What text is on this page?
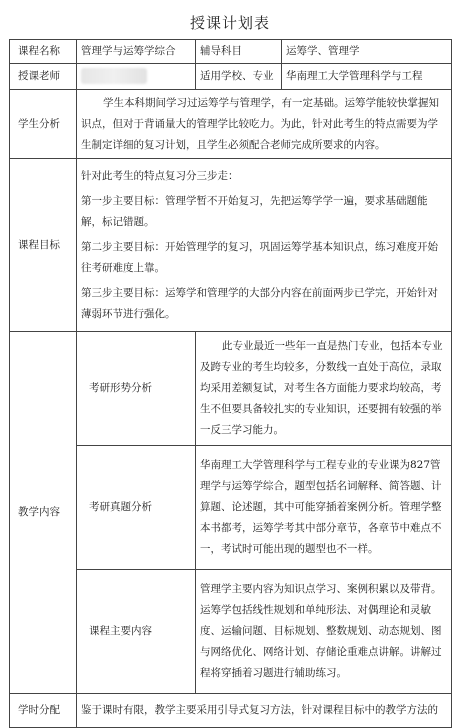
授课计划表
课程名称	管理学与运筹学综合	辅导科目	运筹学、管理学
授课老师		适用学校、专业	华南理工大学管理科学与工程
学生分析	学生本科期间学习过运筹学与管理学，有一定基础。运筹学能较快掌握知识点，但对于背诵量大的管理学比较吃力。为此，针对此考生的特点需要为学生制定详细的复习计划，且学生必须配合老师完成所要求的内容。		

课程目标	针对此考生的特点复习分三步走：
第一步主要目标：管理学暂不开始复习，先把运筹学学一遍，要求基础题能解，标记错题。
第二步主要目标：开始管理学的复习，巩固运筹学基本知识点，练习难度开始往考研难度上靠。
第三步主要目标：运筹学和管理学的大部分内容在前面两步已学完，开始针对薄弱环节进行强化。		

教学内容	考研形势分析	此专业最近一些年一直是热门专业，包括本专业及跨专业的考生均较多，分数线一直处于高位，录取均采用差额复试，对考生各方面能力要求均较高，考生不但要具备较扎实的专业知识，还要拥有较强的举一反三学习能力。	

	考研真题分析	华南理工大学管理科学与工程专业的专业课为827管理学与运筹学综合，题型包括名词解释、简答题、计算题、论述题，其中可能穿插着案例分析。管理学整本书都考，运筹学考其中部分章节，各章节中难点不一，考试时可能出现的题型也不一样。	

	课程主要内容	管理学主要内容为知识点学习、案例积累以及带背。
运筹学包括线性规划和单纯形法、对偶理论和灵敏度、运输问题、目标规划、整数规划、动态规划、图与网络优化、网络计划、存储论重难点讲解。讲解过程将穿插着习题进行辅助练习。	

学时分配	鉴于课时有限，教学主要采用引导式复习方法，针对课程目标中的教学方法的		
